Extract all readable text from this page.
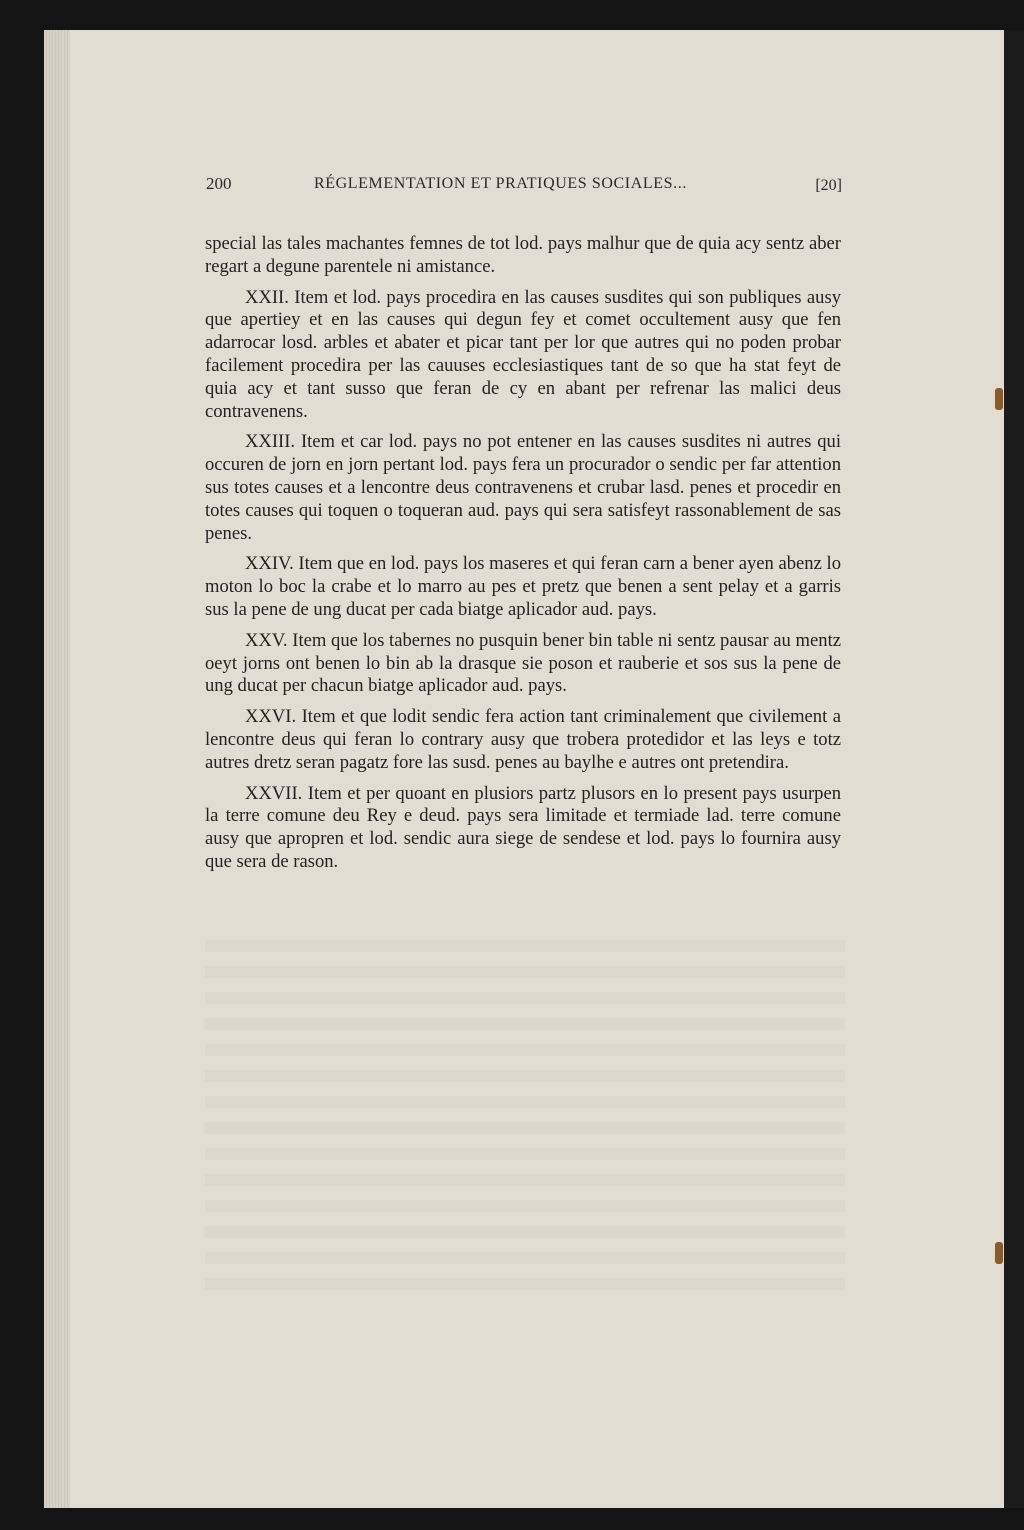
200	RÉGLEMENTATION ET PRATIQUES SOCIALES...	[20]

special las tales machantes femnes de tot lod. pays malhur que de quia acy sentz aber regart a degune parentele ni amistance.

XXII. Item et lod. pays procedira en las causes susdites qui son publiques ausy que apertiey et en las causes qui degun fey et comet occultement ausy que fen adarrocar losd. arbles et abater et picar tant per lor que autres qui no poden probar facilement procedira per las cauuses ecclesiastiques tant de so que ha stat feyt de quia acy et tant susso que feran de cy en abant per refrenar las malici deus contravenens.

XXIII. Item et car lod. pays no pot entener en las causes susdites ni autres qui occuren de jorn en jorn pertant lod. pays fera un procurador o sendic per far attention sus totes causes et a lencontre deus contravenens et crubar lasd. penes et procedir en totes causes qui toquen o toqueran aud. pays qui sera satisfeyt rassonablement de sas penes.

XXIV. Item que en lod. pays los maseres et qui feran carn a bener ayen abenz lo moton lo boc la crabe et lo marro au pes et pretz que benen a sent pelay et a garris sus la pene de ung ducat per cada biatge aplicador aud. pays.

XXV. Item que los tabernes no pusquin bener bin table ni sentz pausar au mentz oeyt jorns ont benen lo bin ab la drasque sie poson et rauberie et sos sus la pene de ung ducat per chacun biatge aplicador aud. pays.

XXVI. Item et que lodit sendic fera action tant criminalement que civilement a lencontre deus qui feran lo contrary ausy que trobera protedidor et las leys e totz autres dretz seran pagatz fore las susd. penes au baylhe e autres ont pretendira.

XXVII. Item et per quoant en plusiors partz plusors en lo present pays usurpen la terre comune deu Rey e deud. pays sera limitade et termiade lad. terre comune ausy que apropren et lod. sendic aura siege de sendese et lod. pays lo fournira ausy que sera de rason.
